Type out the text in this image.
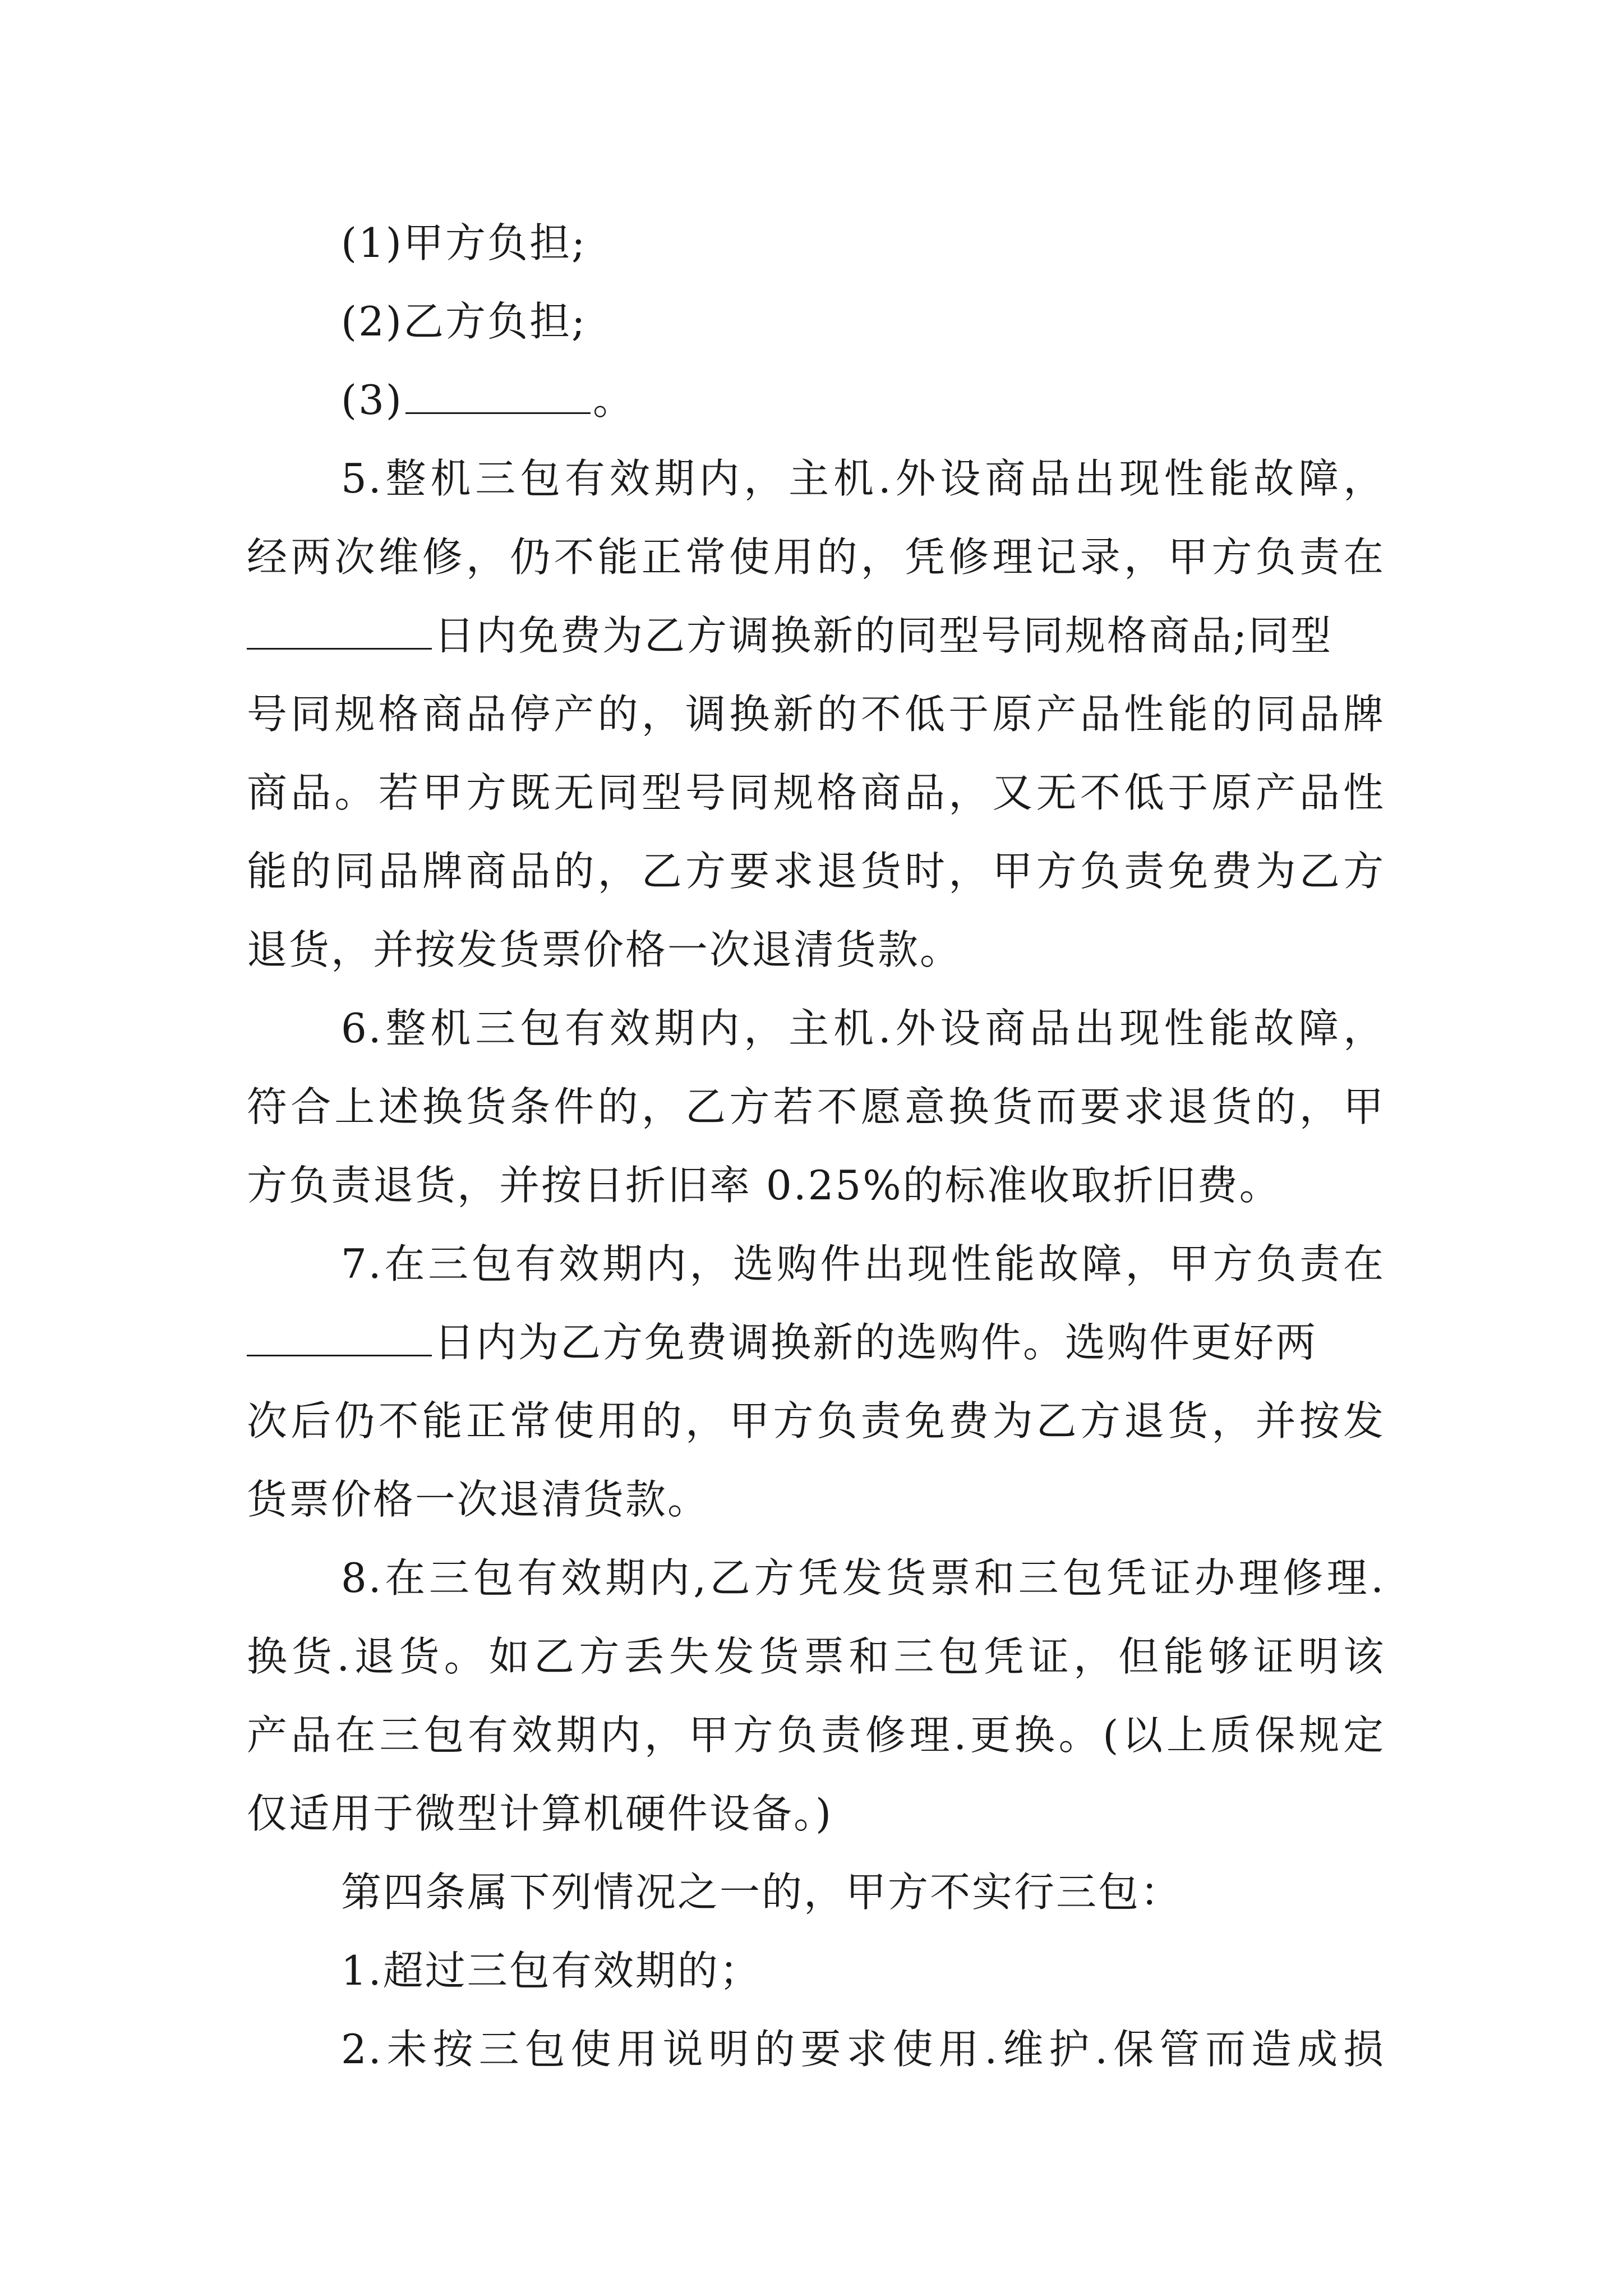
(1)甲方负担;
(2)乙方负担;
(3)	。
5.整机三包有效期内，主机.外设商品出现性能故障，
经两次维修，仍不能正常使用的，凭修理记录，甲方负责在
日内免费为乙方调换新的同型号同规格商品;同型
号同规格商品停产的，调换新的不低于原产品性能的同品牌
商品。若甲方既无同型号同规格商品，又无不低于原产品性
能的同品牌商品的，乙方要求退货时，甲方负责免费为乙方
退货，并按发货票价格一次退清货款。
6.整机三包有效期内，主机.外设商品出现性能故障，
符合上述换货条件的，乙方若不愿意换货而要求退货的，甲
方负责退货，并按日折旧率 0.25%的标准收取折旧费。
7.在三包有效期内，选购件出现性能故障，甲方负责在
日内为乙方免费调换新的选购件。选购件更好两
次后仍不能正常使用的，甲方负责免费为乙方退货，并按发
货票价格一次退清货款。
8.在三包有效期内,乙方凭发货票和三包凭证办理修理.
换货.退货。如乙方丢失发货票和三包凭证，但能够证明该
产品在三包有效期内，甲方负责修理.更换。(以上质保规定
仅适用于微型计算机硬件设备。)
第四条属下列情况之一的，甲方不实行三包：
1.超过三包有效期的；
2.未按三包使用说明的要求使用.维护.保管而造成损
